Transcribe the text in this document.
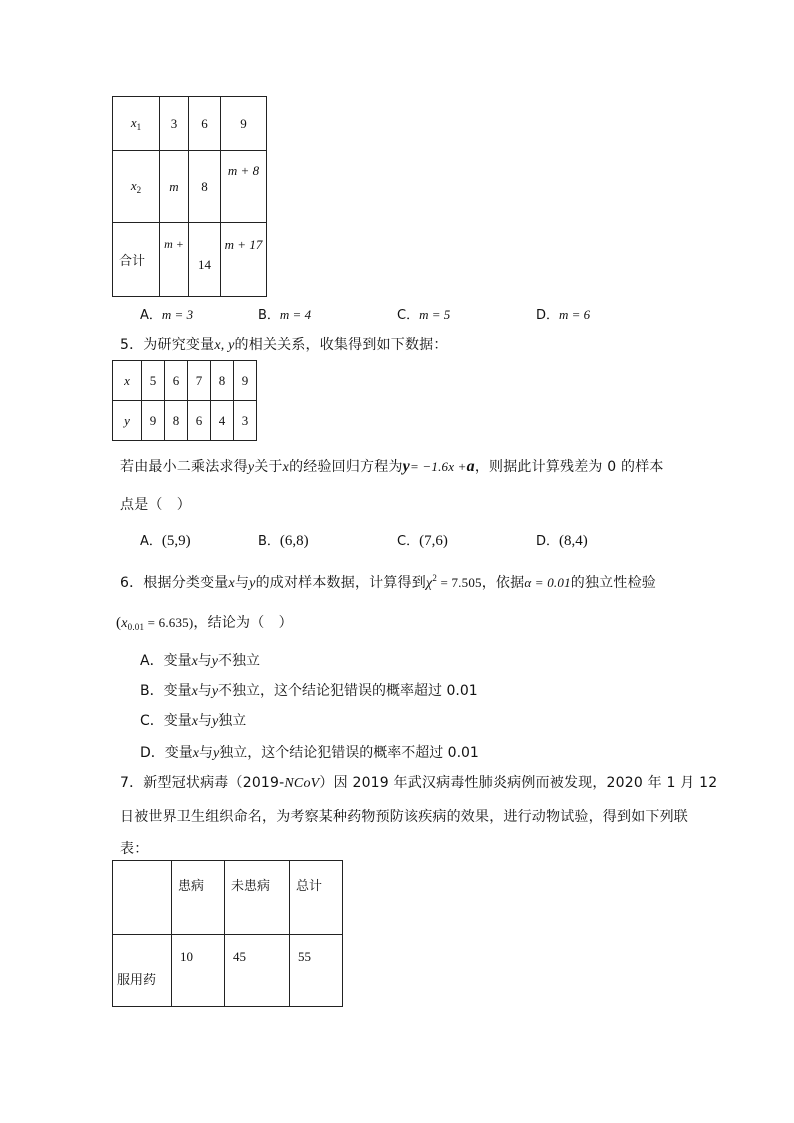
$x_1$	3	6	9
$x_2$	m	8	m + 8
合计	m +	14	m + 17
A．m = 3	B．m = 4	C．m = 5	D．m = 6
5．为研究变量x, y的相关关系，收集得到如下数据：
x	5	6	7	8	9
y	9	8	6	4	3
若由最小二乘法求得y关于x的经验回归方程为y= −1.6x +a，则据此计算残差为 0 的样本
点是（　）
A．(5,9)	B．(6,8)	C．(7,6)	D．(8,4)
6．根据分类变量x与y的成对样本数据，计算得到$\chi^2 = 7.505$，依据α = 0.01的独立性检验
$(x_{0.01} = 6.635)$，结论为（　）
A．变量x与y不独立
B．变量x与y不独立，这个结论犯错误的概率超过 0.01
C．变量x与y独立
D．变量x与y独立，这个结论犯错误的概率不超过 0.01
7．新型冠状病毒（2019-NCoV）因 2019 年武汉病毒性肺炎病例而被发现，2020 年 1 月 12
日被世界卫生组织命名，为考察某种药物预防该疾病的效果，进行动物试验，得到如下列联
表：
	患病	未患病	总计
服用药	10	45	55
